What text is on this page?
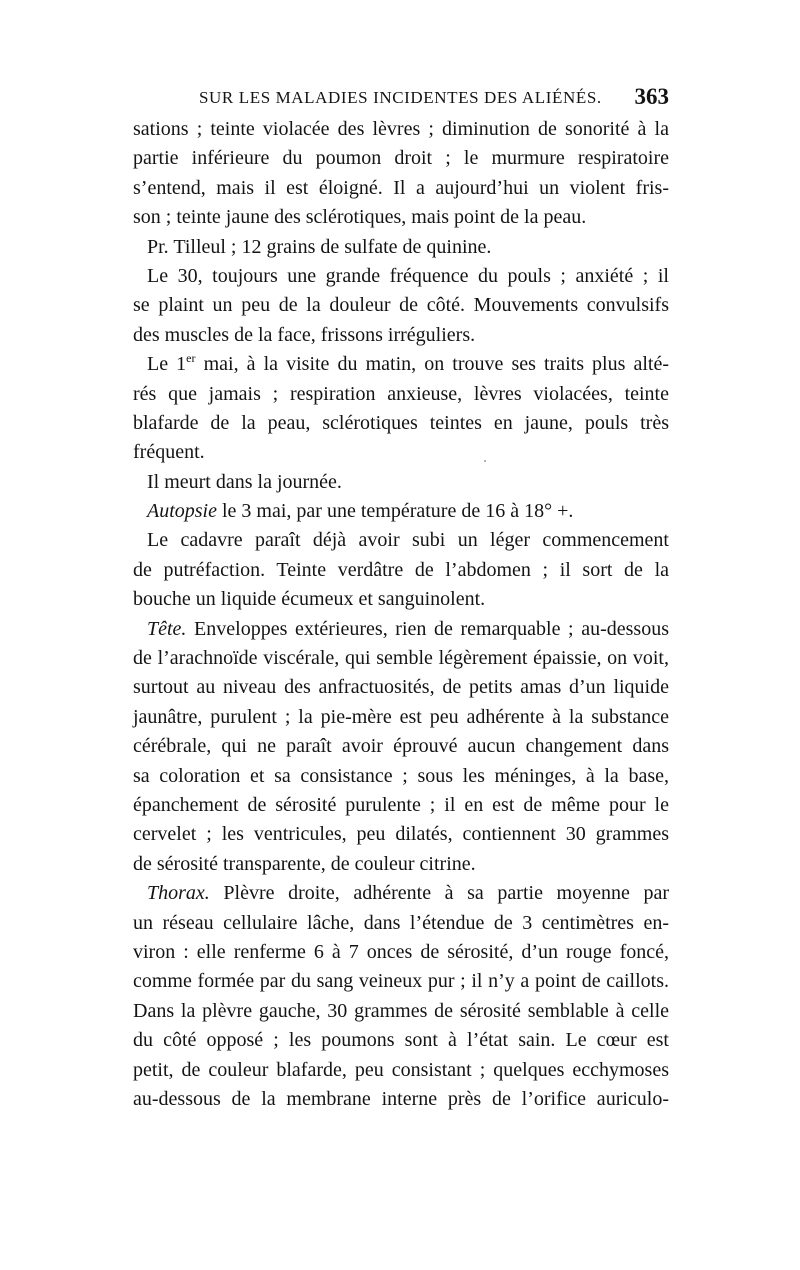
SUR LES MALADIES INCIDENTES DES ALIÉNÉS. 363
sations ; teinte violacée des lèvres ; diminution de sonorité à la
partie inférieure du poumon droit ; le murmure respiratoire
s’entend, mais il est éloigné. Il a aujourd’hui un violent fris-
son ; teinte jaune des sclérotiques, mais point de la peau.
Pr. Tilleul ; 12 grains de sulfate de quinine.
Le 30, toujours une grande fréquence du pouls ; anxiété ; il
se plaint un peu de la douleur de côté. Mouvements convulsifs
des muscles de la face, frissons irréguliers.
Le 1er mai, à la visite du matin, on trouve ses traits plus alté-
rés que jamais ; respiration anxieuse, lèvres violacées, teinte
blafarde de la peau, sclérotiques teintes en jaune, pouls très
fréquent.
Il meurt dans la journée.
Autopsie le 3 mai, par une température de 16 à 18° +.
Le cadavre paraît déjà avoir subi un léger commencement
de putréfaction. Teinte verdâtre de l’abdomen ; il sort de la
bouche un liquide écumeux et sanguinolent.
Tête. Enveloppes extérieures, rien de remarquable ; au-dessous
de l’arachnoïde viscérale, qui semble légèrement épaissie, on voit,
surtout au niveau des anfractuosités, de petits amas d’un liquide
jaunâtre, purulent ; la pie-mère est peu adhérente à la substance
cérébrale, qui ne paraît avoir éprouvé aucun changement dans
sa coloration et sa consistance ; sous les méninges, à la base,
épanchement de sérosité purulente ; il en est de même pour le
cervelet ; les ventricules, peu dilatés, contiennent 30 grammes
de sérosité transparente, de couleur citrine.
Thorax. Plèvre droite, adhérente à sa partie moyenne par
un réseau cellulaire lâche, dans l’étendue de 3 centimètres en-
viron : elle renferme 6 à 7 onces de sérosité, d’un rouge foncé,
comme formée par du sang veineux pur ; il n’y a point de caillots.
Dans la plèvre gauche, 30 grammes de sérosité semblable à celle
du côté opposé ; les poumons sont à l’état sain. Le cœur est
petit, de couleur blafarde, peu consistant ; quelques ecchymoses
au-dessous de la membrane interne près de l’orifice auriculo-
